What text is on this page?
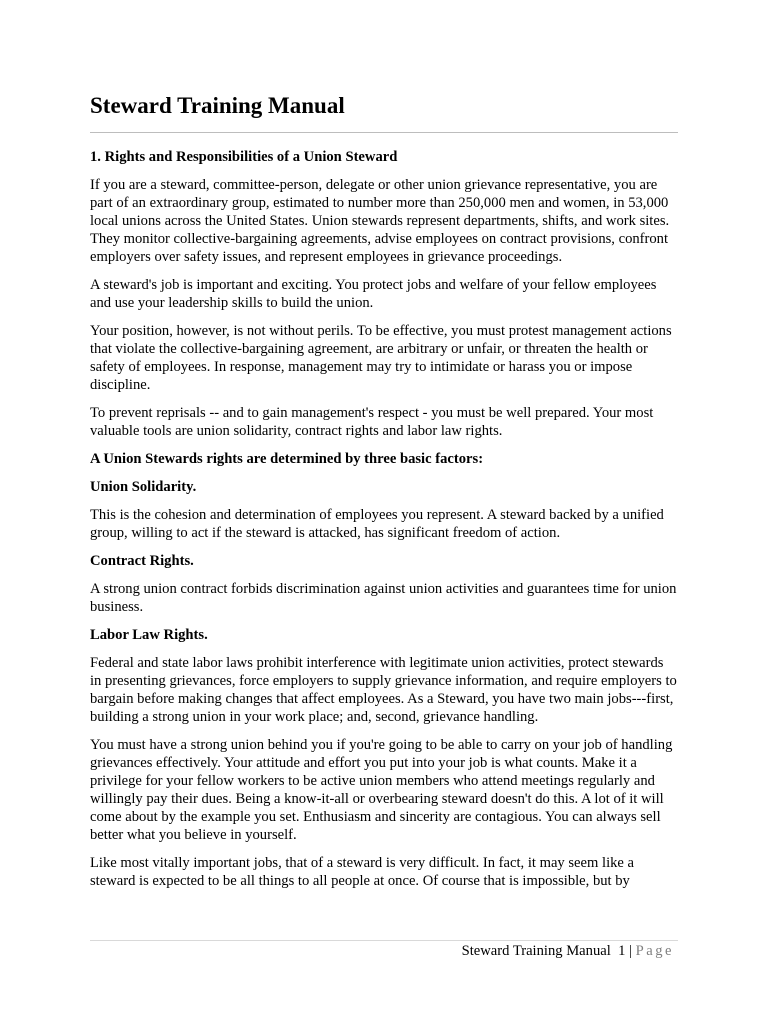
Steward Training Manual

1. Rights and Responsibilities of a Union Steward

If you are a steward, committee-person, delegate or other union grievance representative, you are part of an extraordinary group, estimated to number more than 250,000 men and women, in 53,000 local unions across the United States. Union stewards represent departments, shifts, and work sites. They monitor collective-bargaining agreements, advise employees on contract provisions, confront employers over safety issues, and represent employees in grievance proceedings.

A steward's job is important and exciting. You protect jobs and welfare of your fellow employees and use your leadership skills to build the union.

Your position, however, is not without perils. To be effective, you must protest management actions that violate the collective-bargaining agreement, are arbitrary or unfair, or threaten the health or safety of employees. In response, management may try to intimidate or harass you or impose discipline.

To prevent reprisals -- and to gain management's respect - you must be well prepared. Your most valuable tools are union solidarity, contract rights and labor law rights.

A Union Stewards rights are determined by three basic factors:

Union Solidarity.

This is the cohesion and determination of employees you represent. A steward backed by a unified group, willing to act if the steward is attacked, has significant freedom of action.

Contract Rights.

A strong union contract forbids discrimination against union activities and guarantees time for union business.

Labor Law Rights.

Federal and state labor laws prohibit interference with legitimate union activities, protect stewards in presenting grievances, force employers to supply grievance information, and require employers to bargain before making changes that affect employees. As a Steward, you have two main jobs---first, building a strong union in your work place; and, second, grievance handling.

You must have a strong union behind you if you're going to be able to carry on your job of handling grievances effectively. Your attitude and effort you put into your job is what counts. Make it a privilege for your fellow workers to be active union members who attend meetings regularly and willingly pay their dues. Being a know-it-all or overbearing steward doesn't do this. A lot of it will come about by the example you set. Enthusiasm and sincerity are contagious. You can always sell better what you believe in yourself.

Like most vitally important jobs, that of a steward is very difficult. In fact, it may seem like a steward is expected to be all things to all people at once. Of course that is impossible, but by

Steward Training Manual 1 | Page
